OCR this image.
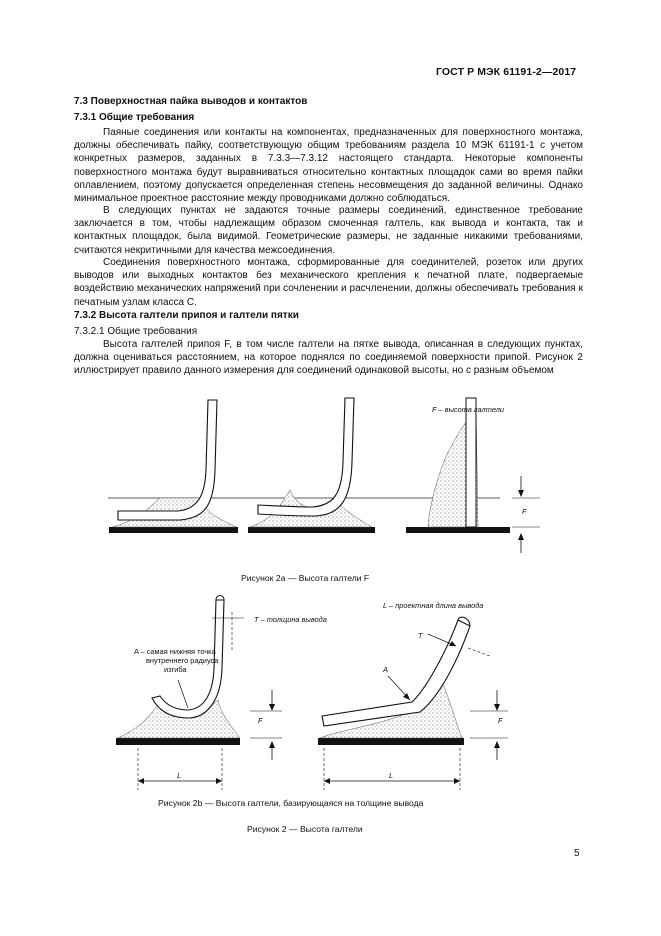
ГОСТ Р МЭК 61191-2—2017
7.3 Поверхностная пайка выводов и контактов
7.3.1 Общие требования
Паяные соединения или контакты на компонентах, предназначенных для поверхностного монтажа, должны обеспечивать пайку, соответствующую общим требованиям раздела 10 МЭК 61191-1 с учетом конкретных размеров, заданных в 7.3.3—7.3.12 настоящего стандарта. Некоторые компоненты поверхностного монтажа будут выравниваться относительно контактных площадок сами во время пайки оплавлением, поэтому допускается определенная степень несовмещения до заданной величины. Однако минимальное проектное расстояние между проводниками должно соблюдаться.
В следующих пунктах не задаются точные размеры соединений, единственное требование заключается в том, чтобы надлежащим образом смоченная галтель, как вывода и контакта, так и контактных площадок, была видимой. Геометрические размеры, не заданные никакими требованиями, считаются некритичными для качества межсоединения.
Соединения поверхностного монтажа, сформированные для соединителей, розеток или других выводов или выходных контактов без механического крепления к печатной плате, подвергаемые воздействию механических напряжений при сочленении и расчленении, должны обеспечивать требования к печатным узлам класса С.
7.3.2 Высота галтели припоя и галтели пятки
7.3.2.1 Общие требования
Высота галтелей припоя F, в том числе галтели на пятке вывода, описанная в следующих пунктах, должна оцениваться расстоянием, на которое поднялся по соединяемой поверхности припой. Рисунок 2 иллюстрирует правило данного измерения для соединений одинаковой высоты, но с разным объемом
F – высота галтели
F
Рисунок 2а — Высота галтели F
T – толщина вывода
L – проектная длина вывода
A – самая нижняя точка
внутреннего радиуса
изгиба
T
A
F	F
L	L
Рисунок 2b — Высота галтели, базирующаяся на толщине вывода
Рисунок 2 — Высота галтели
5
